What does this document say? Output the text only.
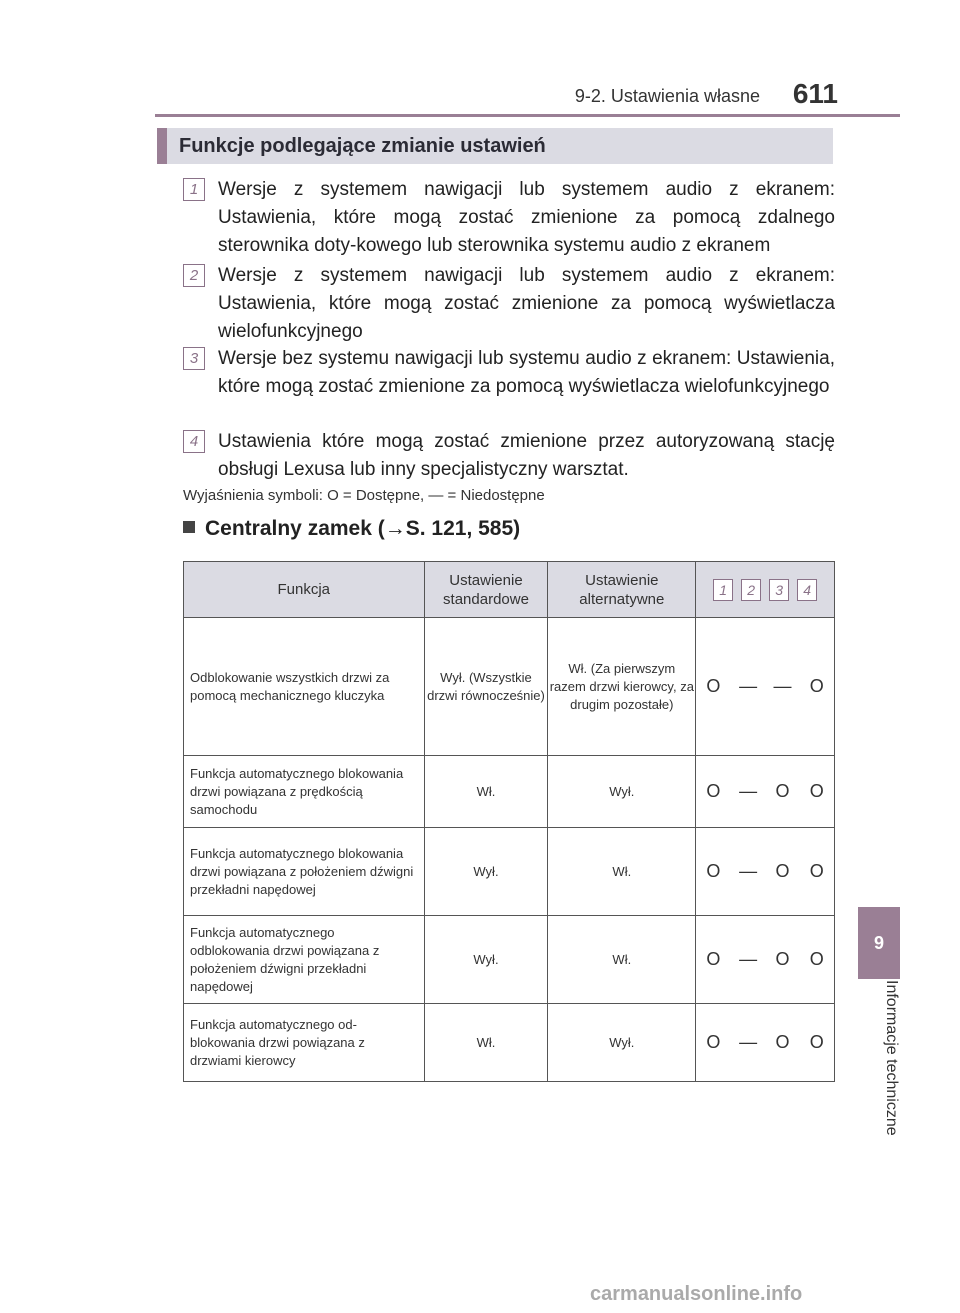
9-2. Ustawienia własne 611
Funkcje podlegające zmianie ustawień
1	Wersje z systemem nawigacji lub systemem audio z ekranem: Ustawienia, które mogą zostać zmienione za pomocą zdalnego sterownika doty-kowego lub sterownika systemu audio z ekranem
2	Wersje z systemem nawigacji lub systemem audio z ekranem: Ustawienia, które mogą zostać zmienione za pomocą wyświetlacza wielofunkcyjnego
3	Wersje bez systemu nawigacji lub systemu audio z ekranem: Ustawienia, które mogą zostać zmienione za pomocą wyświetlacza wielofunkcyjnego
4	Ustawienia które mogą zostać zmienione przez autoryzowaną stację obsługi Lexusa lub inny specjalistyczny warsztat.
Wyjaśnienia symboli: O = Dostępne, — = Niedostępne
Centralny zamek (→S. 121, 585)
Funkcja	Ustawienie standardowe	Ustawienie alternatywne	1 2 3 4			
Odblokowanie wszystkich drzwi za pomocą mechanicznego kluczyka	Wył. (Wszystkie drzwi równocześnie)	Wł. (Za pierwszym razem drzwi kierowcy, za drugim pozostałe)	O	—	—	O
Funkcja automatycznego blokowania drzwi powiązana z prędkością samochodu	Wł.	Wył.	O	—	O	O
Funkcja automatycznego blokowania drzwi powiązana z położeniem dźwigni przekładni napędowej	Wył.	Wł.	O	—	O	O
Funkcja automatycznego odblokowania drzwi powiązana z położeniem dźwigni przekładni napędowej	Wył.	Wł.	O	—	O	O
Funkcja automatycznego od-blokowania drzwi powiązana z drzwiami kierowcy	Wł.	Wył.	O	—	O	O
9
Informacje techniczne
carmanualsonline.info
